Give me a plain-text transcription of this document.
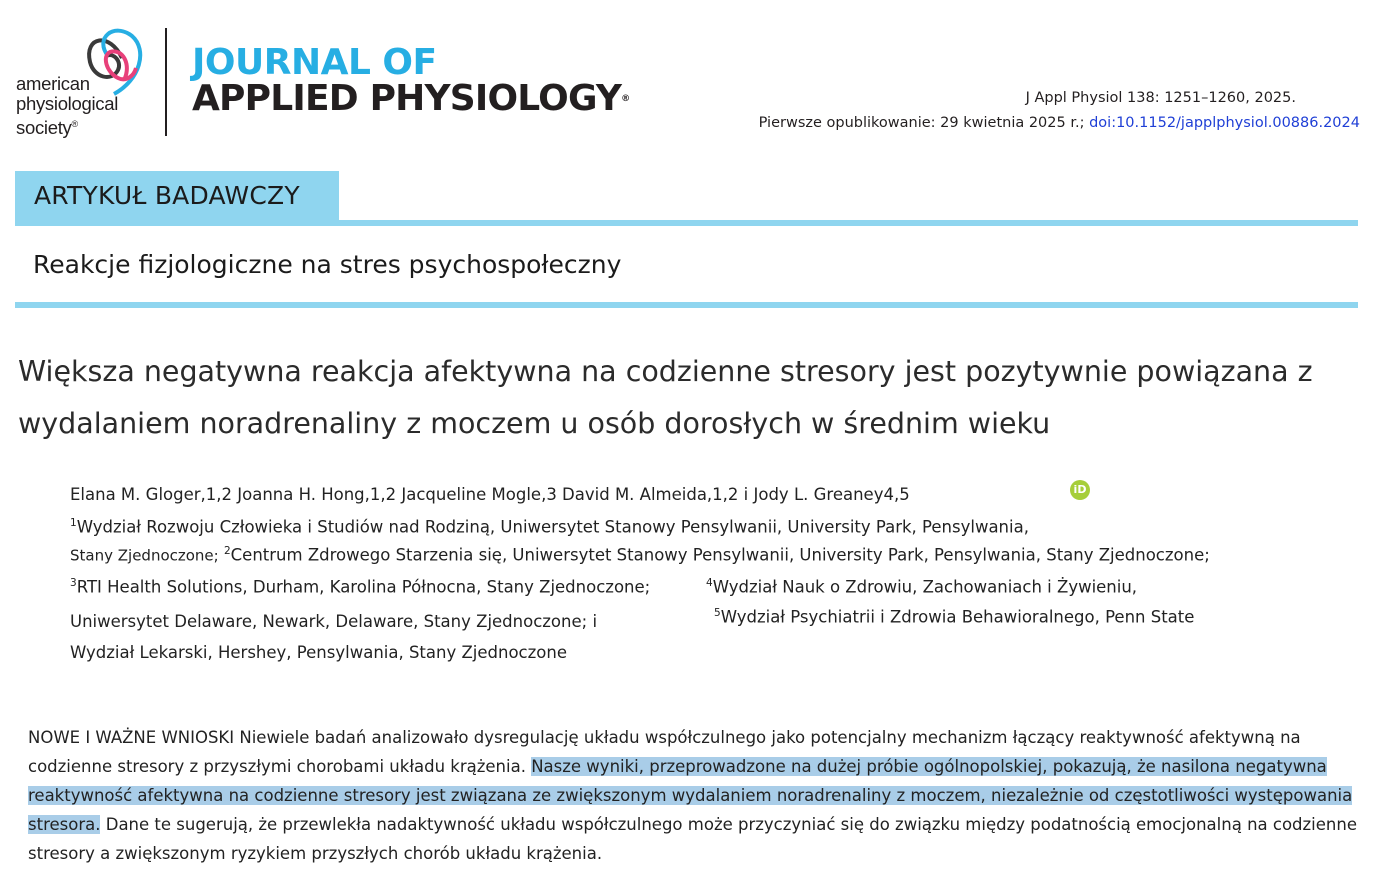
american
physiological
society®
JOURNAL OF
APPLIED PHYSIOLOGY®	J Appl Physiol 138: 1251–1260, 2025.
Pierwsze opublikowanie: 29 kwietnia 2025 r.; doi:10.1152/japplphysiol.00886.2024
ARTYKUŁ BADAWCZY
Reakcje fizjologiczne na stres psychospołeczny
Większa negatywna reakcja afektywna na codzienne stresory jest pozytywnie powiązana z wydalaniem noradrenaliny z moczem u osób dorosłych w średnim wieku
Elana M. Gloger,1,2 Joanna H. Hong,1,2 Jacqueline Mogle,3 David M. Almeida,1,2 i Jody L. Greaney4,5	iD
$^1$Wydział Rozwoju Człowieka i Studiów nad Rodziną, Uniwersytet Stanowy Pensylwanii, University Park, Pensylwania,
Stany Zjednoczone; $^2$Centrum Zdrowego Starzenia się, Uniwersytet Stanowy Pensylwanii, University Park, Pensylwania, Stany Zjednoczone;
$^3$RTI Health Solutions, Durham, Karolina Północna, Stany Zjednoczone;	$^4$Wydział Nauk o Zdrowiu, Zachowaniach i Żywieniu,
Uniwersytet Delaware, Newark, Delaware, Stany Zjednoczone; i	$^5$Wydział Psychiatrii i Zdrowia Behawioralnego, Penn State
Wydział Lekarski, Hershey, Pensylwania, Stany Zjednoczone
NOWE I WAŻNE WNIOSKI Niewiele badań analizowało dysregulację układu współczulnego jako potencjalny mechanizm łączący reaktywność afektywną na codzienne stresory z przyszłymi chorobami układu krążenia. Nasze wyniki, przeprowadzone na dużej próbie ogólnopolskiej, pokazują, że nasilona negatywna reaktywność afektywna na codzienne stresory jest związana ze zwiększonym wydalaniem noradrenaliny z moczem, niezależnie od częstotliwości występowania stresora. Dane te sugerują, że przewlekła nadaktywność układu współczulnego może przyczyniać się do związku między podatnością emocjonalną na codzienne stresory a zwiększonym ryzykiem przyszłych chorób układu krążenia.
